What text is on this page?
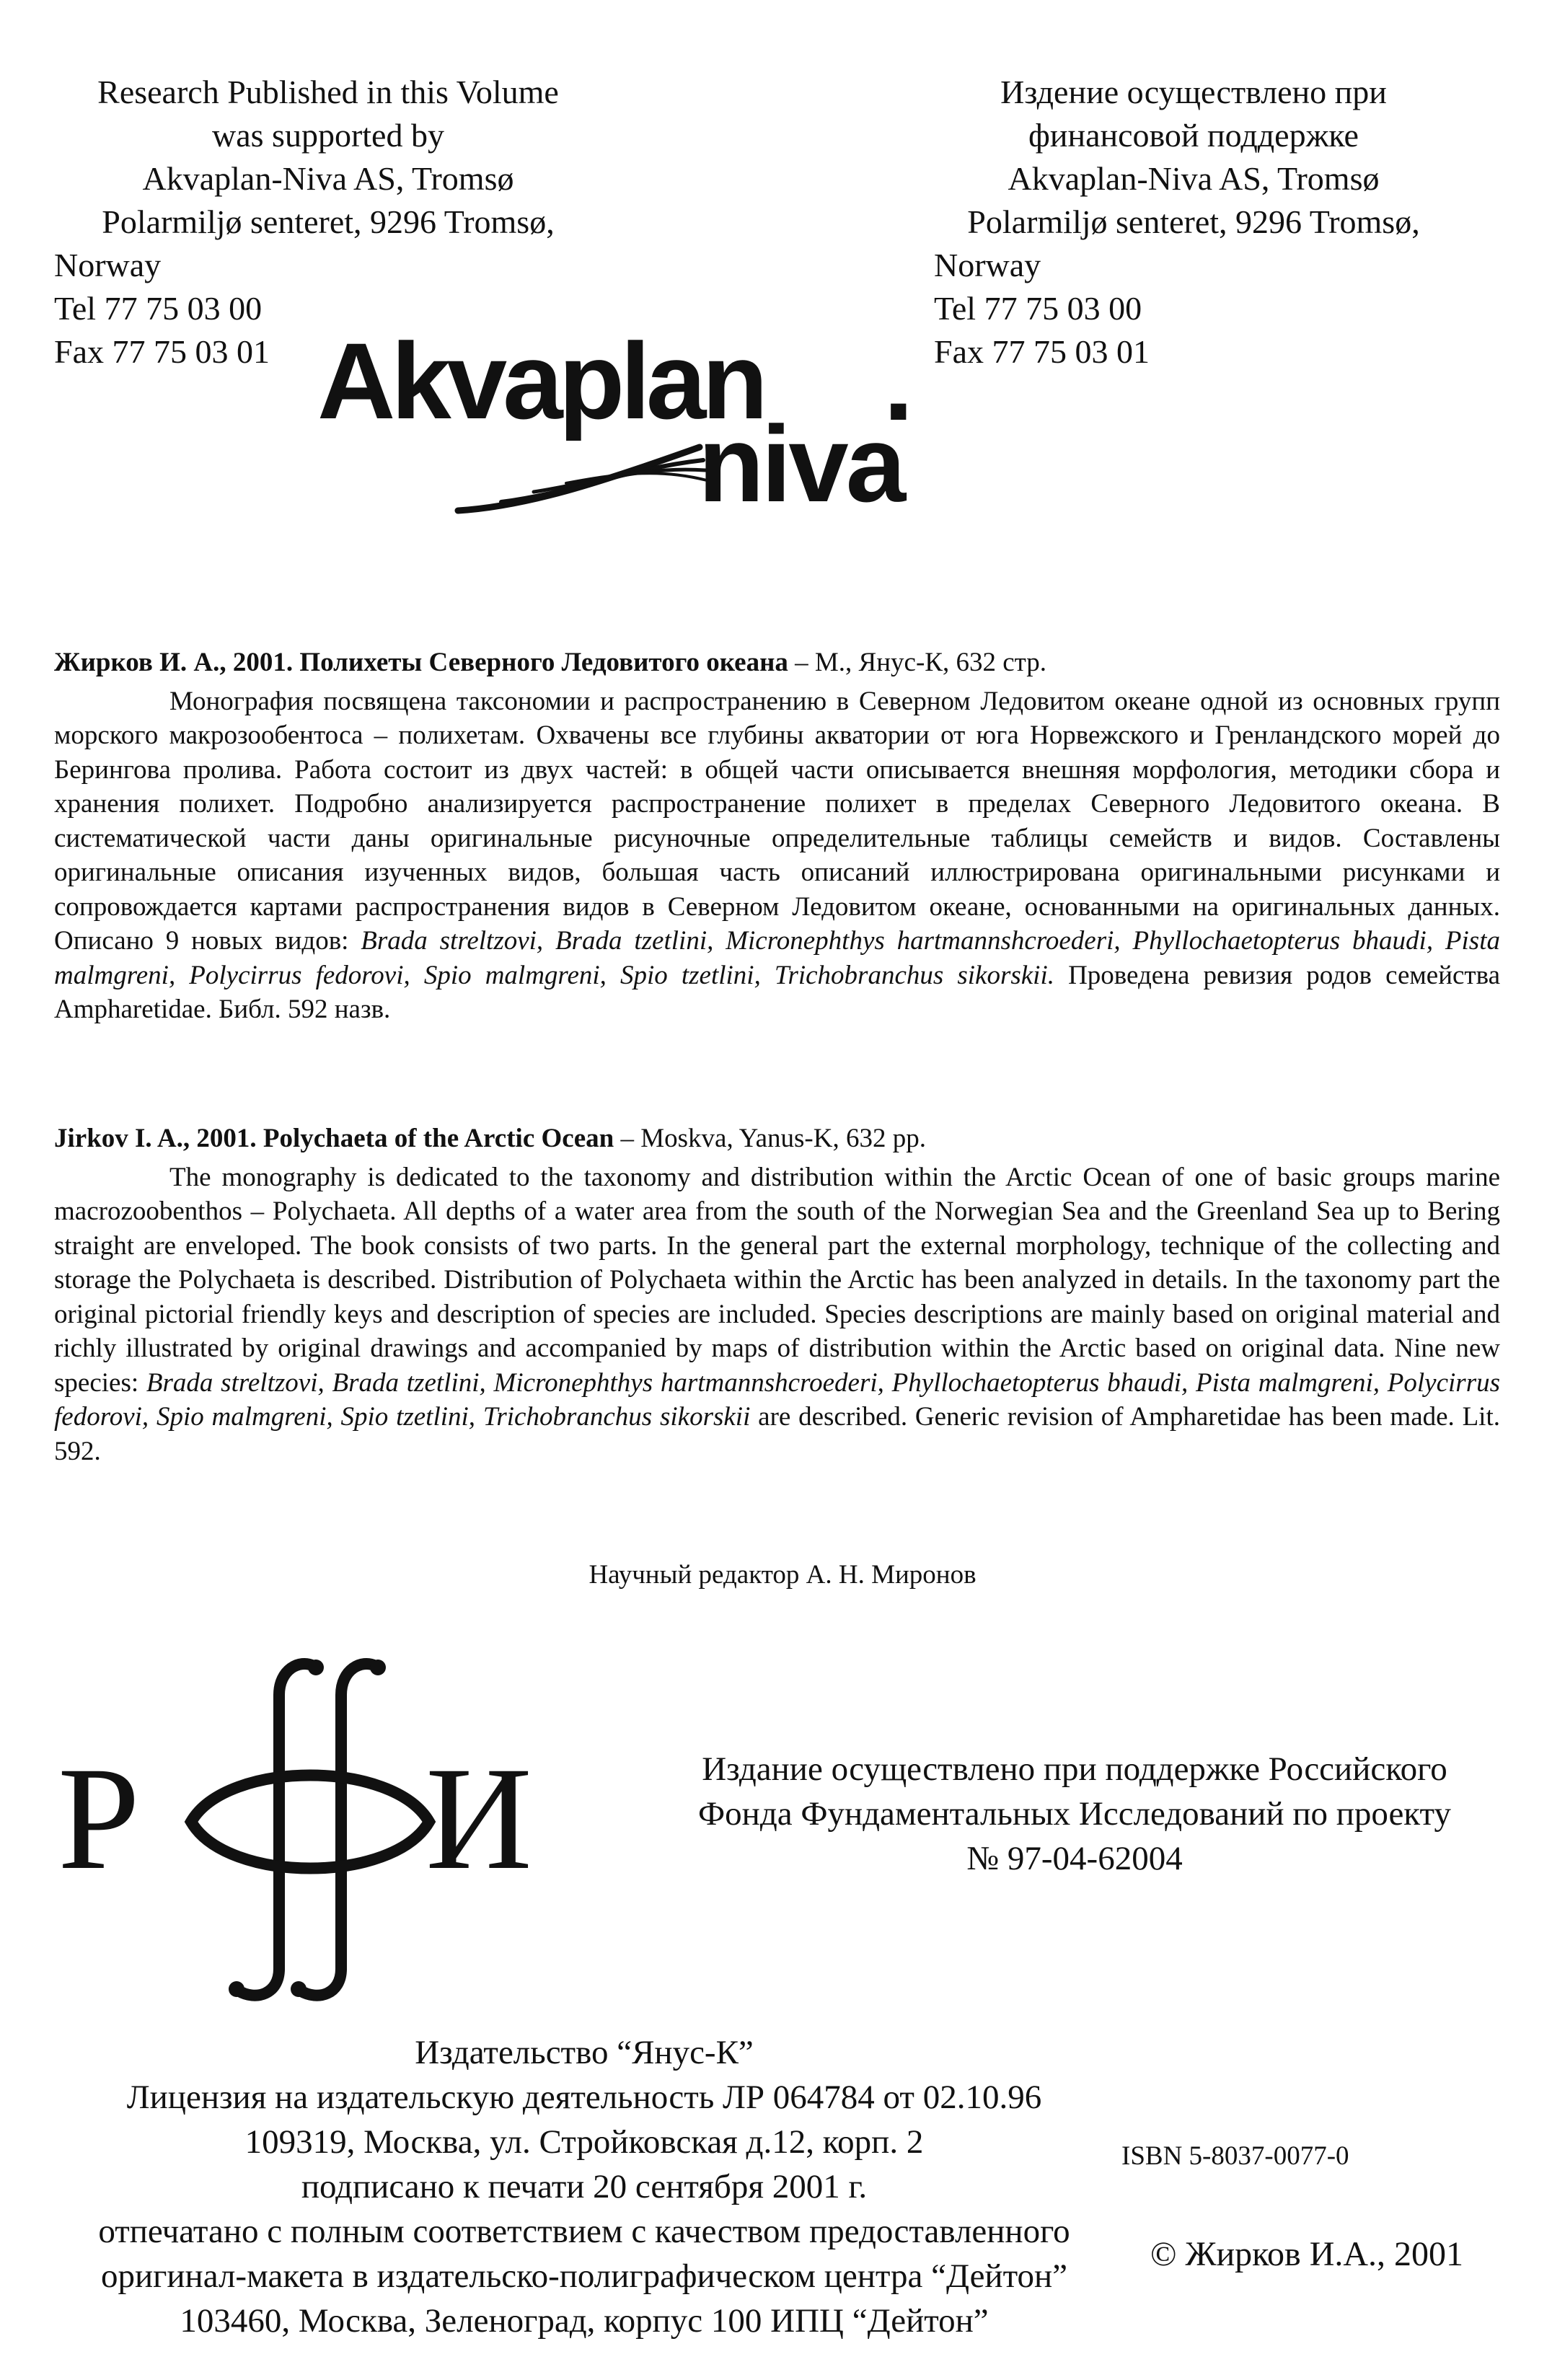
Research Published in this Volume
was supported by
Akvaplan-Niva AS, Tromsø
Polarmiljø senteret, 9296 Tromsø,
Norway
Tel 77 75 03 00
Fax 77 75 03 01
Издение осуществлено при
финансовой поддержке
Akvaplan-Niva AS, Tromsø
Polarmiljø senteret, 9296 Tromsø,
Norway
Tel 77 75 03 00
Fax 77 75 03 01
Akvaplan .
niva
Жирков И. А., 2001. Полихеты Северного Ледовитого океана – М., Янус-К, 632 стр.

Монография посвящена таксономии и распространению в Северном Ледовитом океане одной из основных групп морского макрозообентоса – полихетам. Охвачены все глубины акватории от юга Норвежского и Гренландского морей до Берингова пролива. Работа состоит из двух частей: в общей части описывается внешняя морфология, методики сбора и хранения полихет. Подробно анализируется распространение полихет в пределах Северного Ледовитого океана. В систематической части даны оригинальные рисуночные определительные таблицы семейств и видов. Составлены оригинальные описания изученных видов, большая часть описаний иллюстрирована оригинальными рисунками и сопровождается картами распространения видов в Северном Ледовитом океане, основанными на оригинальных данных. Описано 9 новых видов: Brada streltzovi, Brada tzetlini, Micronephthys hartmannshcroederi, Phyllochaetopterus bhaudi, Pista malmgreni, Polycirrus fedorovi, Spio malmgreni, Spio tzetlini, Trichobranchus sikorskii. Проведена ревизия родов семейства Ampharetidae. Библ. 592 назв.

Jirkov I. A., 2001. Polychaeta of the Arctic Ocean – Moskva, Yanus-K, 632 pp.

The monography is dedicated to the taxonomy and distribution within the Arctic Ocean of one of basic groups marine macrozoobenthos – Polychaeta. All depths of a water area from the south of the Norwegian Sea and the Greenland Sea up to Bering straight are enveloped. The book consists of two parts. In the general part the external morphology, technique of the collecting and storage the Polychaeta is described. Distribution of Polychaeta within the Arctic has been analyzed in details. In the taxonomy part the original pictorial friendly keys and description of species are included. Species descriptions are mainly based on original material and richly illustrated by original drawings and accompanied by maps of distribution within the Arctic based on original data. Nine new species: Brada streltzovi, Brada tzetlini, Micronephthys hartmannshcroederi, Phyllochaetopterus bhaudi, Pista malmgreni, Polycirrus fedorovi, Spio malmgreni, Spio tzetlini, Trichobranchus sikorskii are described. Generic revision of Ampharetidae has been made. Lit. 592.

Научный редактор А. Н. Миронов
Р И	Издание осуществлено при поддержке Российского
Фонда Фундаментальных Исследований по проекту
№ 97-04-62004
Издательство “Янус-К”
Лицензия на издательскую деятельность ЛР 064784 от 02.10.96
109319, Москва, ул. Стройковская д.12, корп. 2
подписано к печати 20 сентября 2001 г.
отпечатано с полным соответствием с качеством предоставленного
оригинал-макета в издательско-полиграфическом центра “Дейтон”
103460, Москва, Зеленоград, корпус 100 ИПЦ “Дейтон”
ISBN 5-8037-0077-0
© Жирков И.А., 2001
